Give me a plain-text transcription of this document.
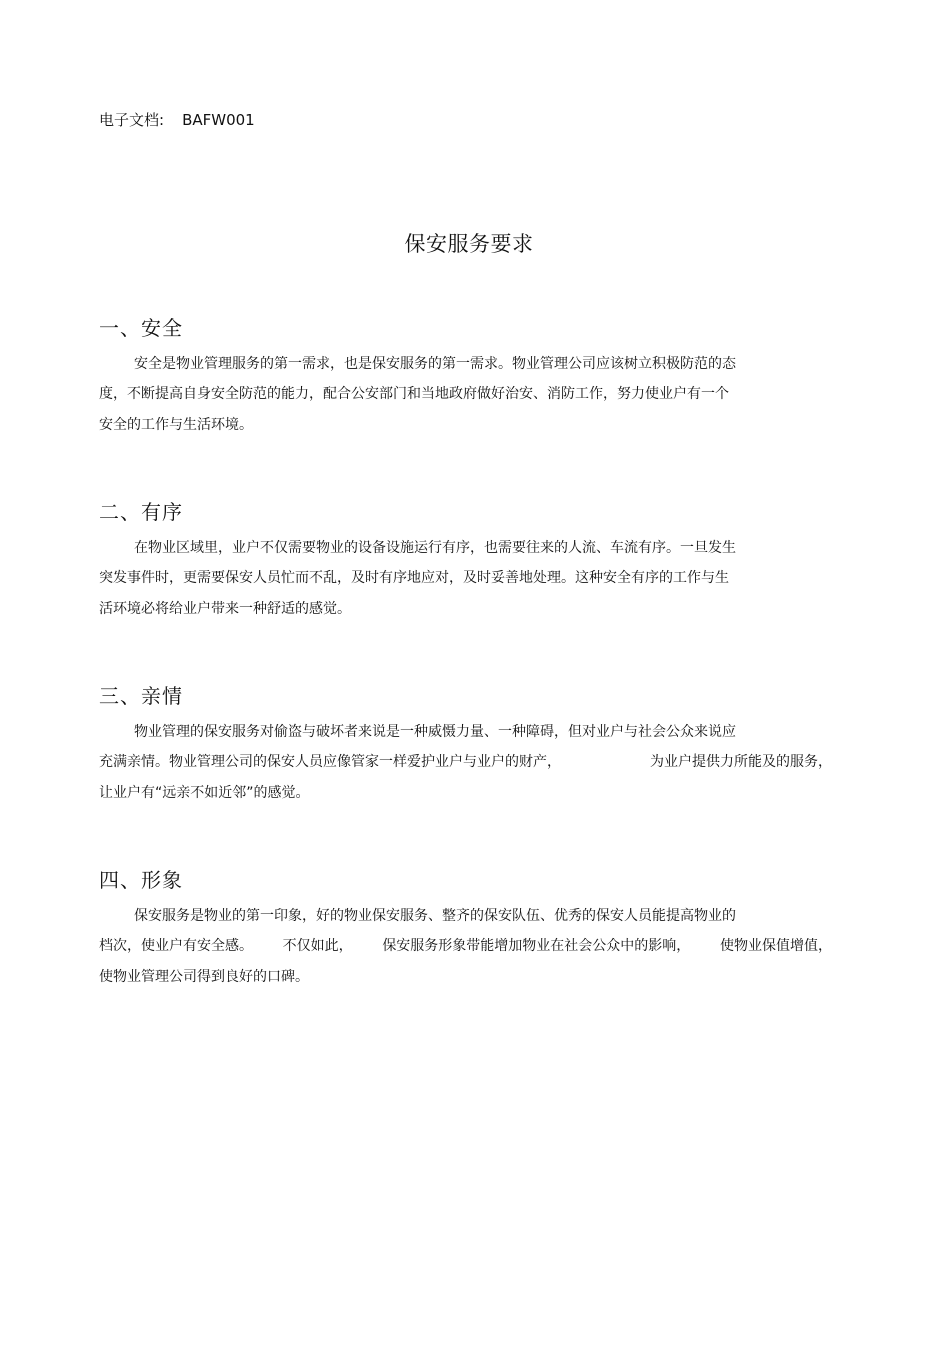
电子文档: BAFW001
保安服务要求
一、安全
安全是物业管理服务的第一需求，也是保安服务的第一需求。物业管理公司应该树立积极防范的态
度，不断提高自身安全防范的能力，配合公安部门和当地政府做好治安、消防工作，努力使业户有一个
安全的工作与生活环境。
二、有序
在物业区域里，业户不仅需要物业的设备设施运行有序，也需要往来的人流、车流有序。一旦发生
突发事件时，更需要保安人员忙而不乱，及时有序地应对，及时妥善地处理。这种安全有序的工作与生
活环境必将给业户带来一种舒适的感觉。
三、亲情
物业管理的保安服务对偷盗与破坏者来说是一种威慑力量、一种障碍，但对业户与社会公众来说应
充满亲情。物业管理公司的保安人员应像管家一样爱护业户与业户的财产，	为业户提供力所能及的服务，
让业户有“远亲不如近邻”的感觉。
四、形象
保安服务是物业的第一印象，好的物业保安服务、整齐的保安队伍、优秀的保安人员能提高物业的
档次，使业户有安全感。 不仅如此， 保安服务形象带能增加物业在社会公众中的影响， 使物业保值增值，
使物业管理公司得到良好的口碑。
